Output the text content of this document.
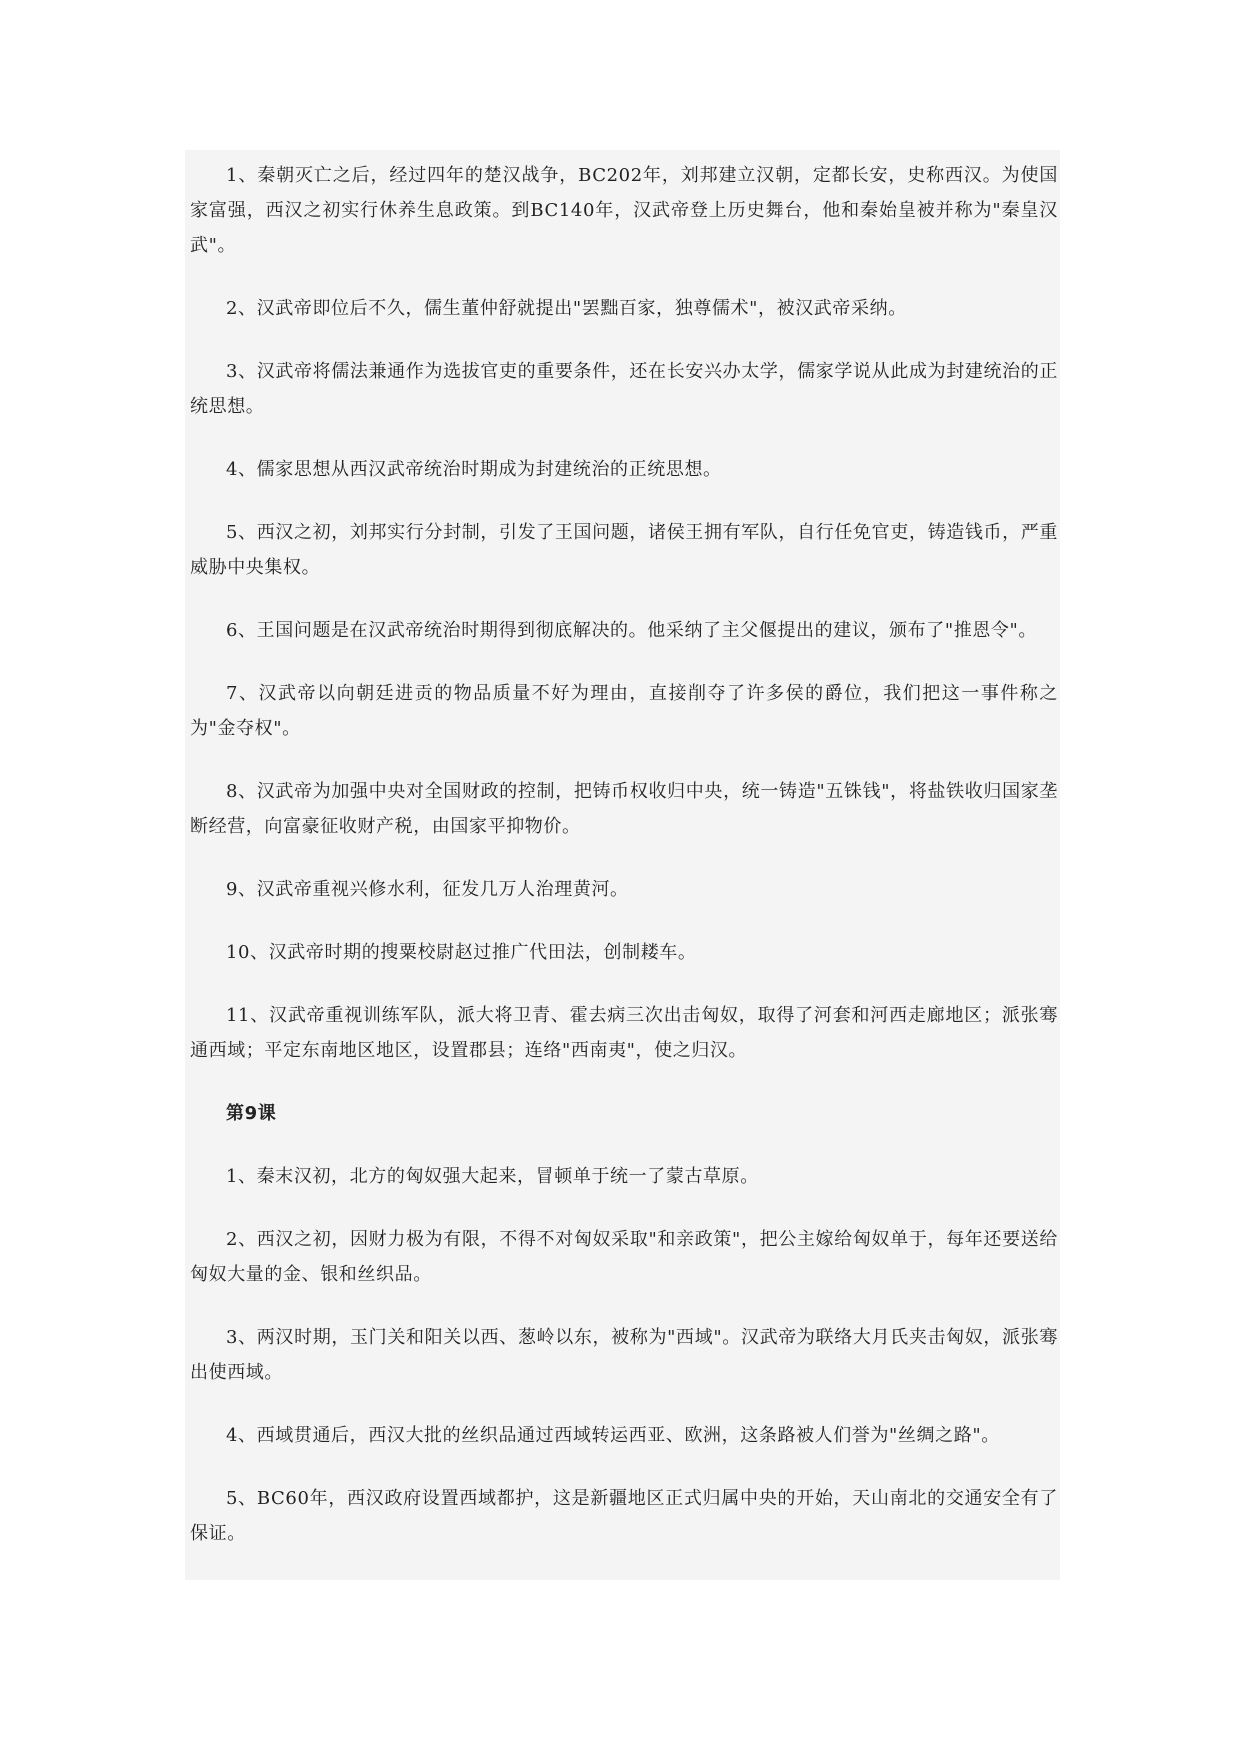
1、秦朝灭亡之后，经过四年的楚汉战争，BC202年，刘邦建立汉朝，定都长安，史称西汉。为使国家富强，西汉之初实行休养生息政策。到BC140年，汉武帝登上历史舞台，他和秦始皇被并称为"秦皇汉武"。

2、汉武帝即位后不久，儒生董仲舒就提出"罢黜百家，独尊儒术"，被汉武帝采纳。

3、汉武帝将儒法兼通作为选拔官吏的重要条件，还在长安兴办太学，儒家学说从此成为封建统治的正统思想。

4、儒家思想从西汉武帝统治时期成为封建统治的正统思想。

5、西汉之初，刘邦实行分封制，引发了王国问题，诸侯王拥有军队，自行任免官吏，铸造钱币，严重威胁中央集权。

6、王国问题是在汉武帝统治时期得到彻底解决的。他采纳了主父偃提出的建议，颁布了"推恩令"。

7、汉武帝以向朝廷进贡的物品质量不好为理由，直接削夺了许多侯的爵位，我们把这一事件称之为"金夺权"。

8、汉武帝为加强中央对全国财政的控制，把铸币权收归中央，统一铸造"五铢钱"，将盐铁收归国家垄断经营，向富豪征收财产税，由国家平抑物价。

9、汉武帝重视兴修水利，征发几万人治理黄河。

10、汉武帝时期的搜粟校尉赵过推广代田法，创制耧车。

11、汉武帝重视训练军队，派大将卫青、霍去病三次出击匈奴，取得了河套和河西走廊地区；派张骞通西域；平定东南地区地区，设置郡县；连络"西南夷"，使之归汉。

第9课

1、秦末汉初，北方的匈奴强大起来，冒顿单于统一了蒙古草原。

2、西汉之初，因财力极为有限，不得不对匈奴采取"和亲政策"，把公主嫁给匈奴单于，每年还要送给匈奴大量的金、银和丝织品。

3、两汉时期，玉门关和阳关以西、葱岭以东，被称为"西域"。汉武帝为联络大月氏夹击匈奴，派张骞出使西域。

4、西域贯通后，西汉大批的丝织品通过西域转运西亚、欧洲，这条路被人们誉为"丝绸之路"。

5、BC60年，西汉政府设置西域都护，这是新疆地区正式归属中央的开始，天山南北的交通安全有了保证。
